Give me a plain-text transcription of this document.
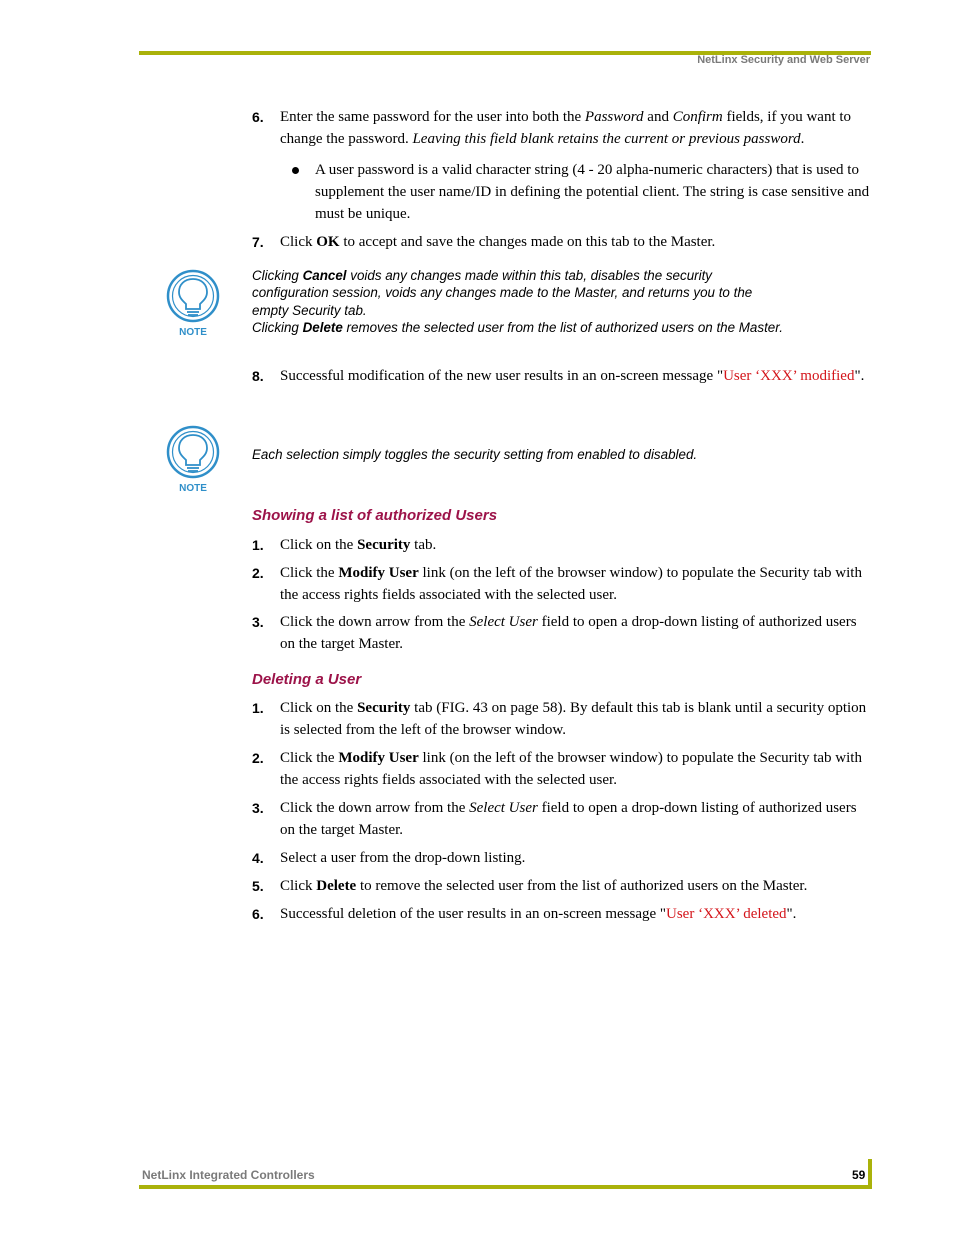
NetLinx Security and Web Server
6. Enter the same password for the user into both the Password and Confirm fields, if you want to change the password. Leaving this field blank retains the current or previous password.
A user password is a valid character string (4 - 20 alpha-numeric characters) that is used to supplement the user name/ID in defining the potential client. The string is case sensitive and must be unique.
7. Click OK to accept and save the changes made on this tab to the Master.
NOTE
Clicking Cancel voids any changes made within this tab, disables the security configuration session, voids any changes made to the Master, and returns you to the empty Security tab.
Clicking Delete removes the selected user from the list of authorized users on the Master.
8. Successful modification of the new user results in an on-screen message "User ‘XXX’ modified".
NOTE
Each selection simply toggles the security setting from enabled to disabled.
Showing a list of authorized Users
1. Click on the Security tab.
2. Click the Modify User link (on the left of the browser window) to populate the Security tab with the access rights fields associated with the selected user.
3. Click the down arrow from the Select User field to open a drop-down listing of authorized users on the target Master.
Deleting a User
1. Click on the Security tab (FIG. 43 on page 58). By default this tab is blank until a security option is selected from the left of the browser window.
2. Click the Modify User link (on the left of the browser window) to populate the Security tab with the access rights fields associated with the selected user.
3. Click the down arrow from the Select User field to open a drop-down listing of authorized users on the target Master.
4. Select a user from the drop-down listing.
5. Click Delete to remove the selected user from the list of authorized users on the Master.
6. Successful deletion of the user results in an on-screen message "User ‘XXX’ deleted".
NetLinx Integrated Controllers	59
